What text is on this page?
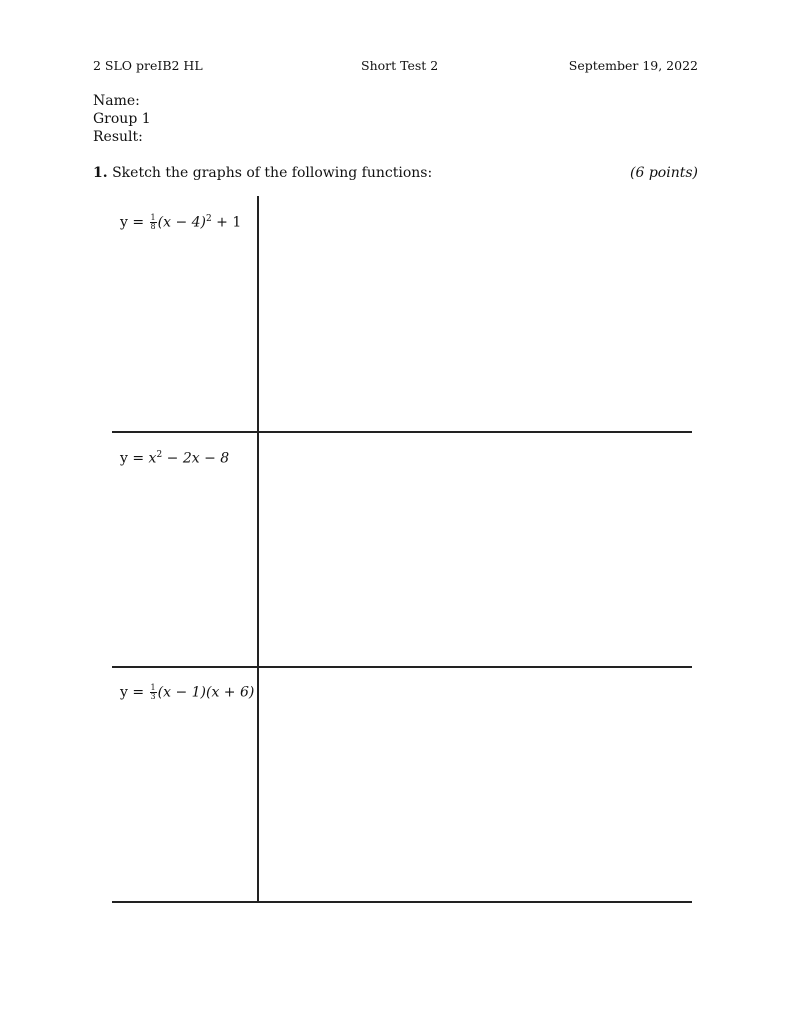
2 SLO preIB2 HL	Short Test 2	September 19, 2022
Name:
Group 1
Result:
1. Sketch the graphs of the following functions:	(6 points)
$y = \frac{1}{8} (x - 4)^2 + 1$
$y = x^2 - 2x - 8$
$y = \frac{1}{3} (x - 1)(x + 6)$
